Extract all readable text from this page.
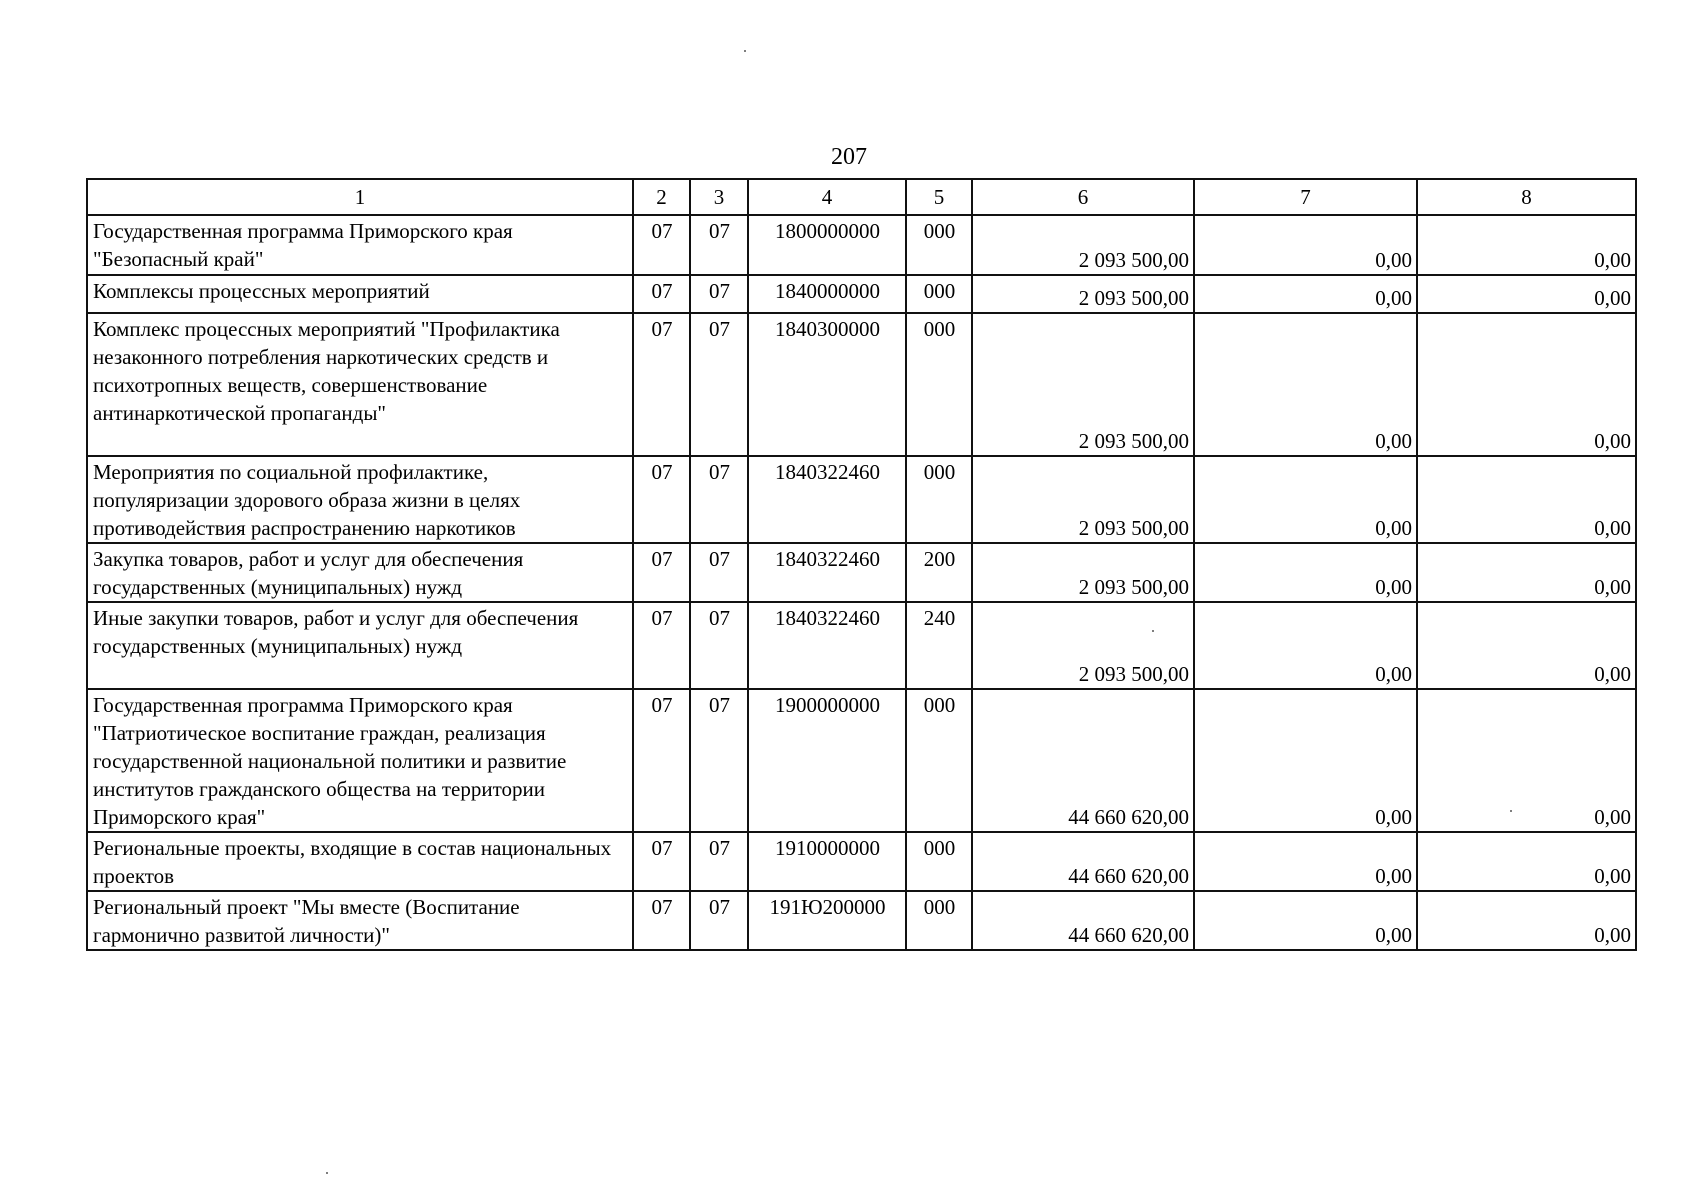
207
1	2	3	4	5	6	7	8
Государственная программа Приморского края "Безопасный край"	07	07	1800000000	000	2 093 500,00	0,00	0,00
Комплексы процессных мероприятий	07	07	1840000000	000	2 093 500,00	0,00	0,00
Комплекс процессных мероприятий "Профилактика незаконного потребления наркотических средств и психотропных веществ, совершенствование антинаркотической пропаганды"	07	07	1840300000	000	2 093 500,00	0,00	0,00
Мероприятия по социальной профилактике, популяризации здорового образа жизни в целях противодействия распространению наркотиков	07	07	1840322460	000	2 093 500,00	0,00	0,00
Закупка товаров, работ и услуг для обеспечения государственных (муниципальных) нужд	07	07	1840322460	200	2 093 500,00	0,00	0,00
Иные закупки товаров, работ и услуг для обеспечения государственных (муниципальных) нужд	07	07	1840322460	240	2 093 500,00	0,00	0,00
Государственная программа Приморского края "Патриотическое воспитание граждан, реализация государственной национальной политики и развитие институтов гражданского общества на территории Приморского края"	07	07	1900000000	000	44 660 620,00	0,00	0,00
Региональные проекты, входящие в состав национальных проектов	07	07	1910000000	000	44 660 620,00	0,00	0,00
Региональный проект "Мы вместе (Воспитание гармонично развитой личности)"	07	07	191Ю200000	000	44 660 620,00	0,00	0,00
